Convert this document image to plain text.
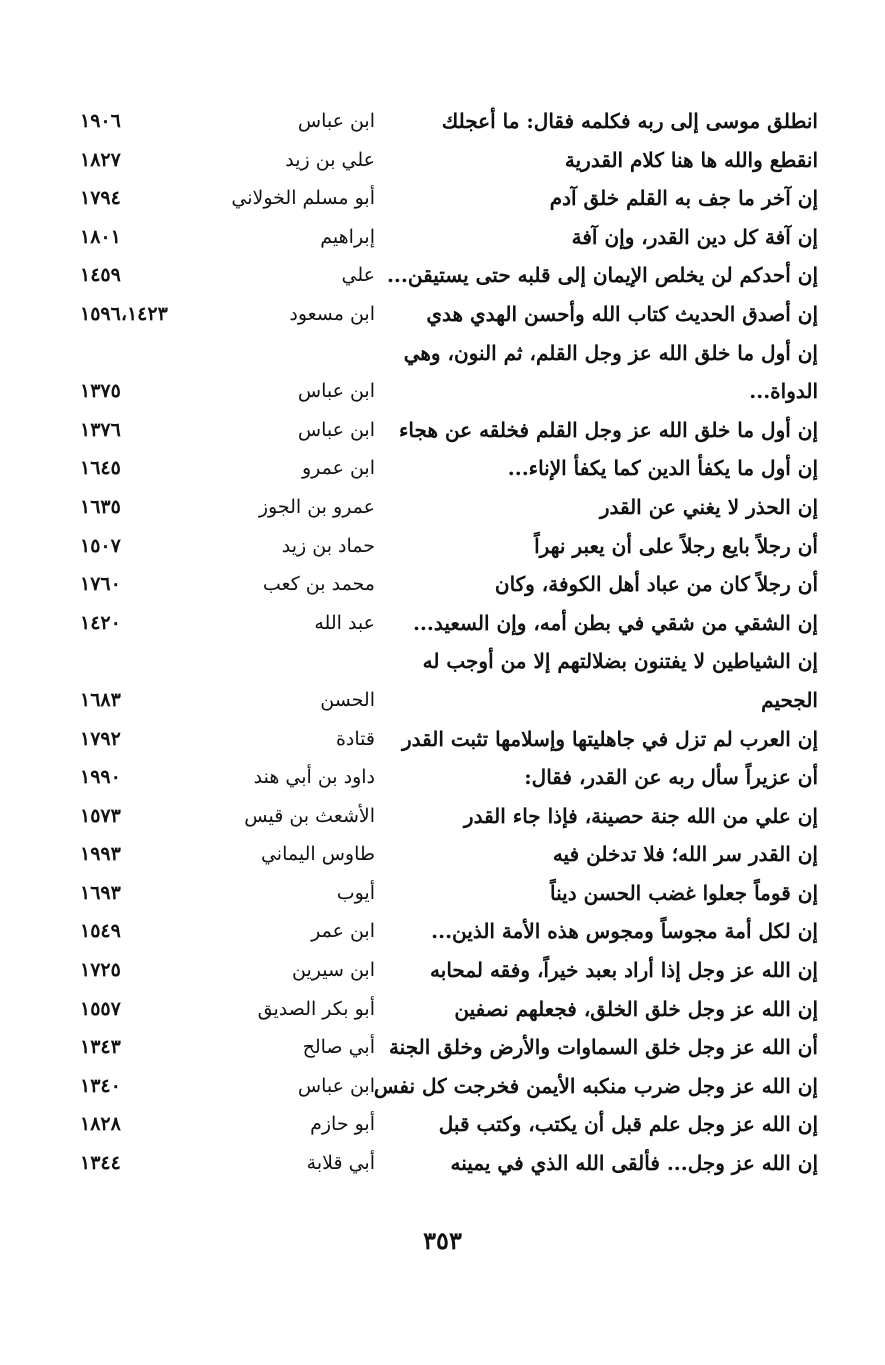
انطلق موسى إلى ربه فكلمه فقال: ما أعجلك
ابن عباس
١٩٠٦
انقطع والله ها هنا كلام القدرية
علي بن زيد
١٨٢٧
إن آخر ما جف به القلم خلق آدم
أبو مسلم الخولاني
١٧٩٤
إن آفة كل دين القدر، وإن آفة
إبراهيم
١٨٠١
إن أحدكم لن يخلص الإيمان إلى قلبه حتى يستيقن...
علي
١٤٥٩
إن أصدق الحديث كتاب الله وأحسن الهدي هدي
ابن مسعود
١٥٩٦،١٤٢٣
إن أول ما خلق الله عز وجل القلم، ثم النون، وهي
الدواة...
ابن عباس
١٣٧٥
إن أول ما خلق الله عز وجل القلم فخلقه عن هجاء
ابن عباس
١٣٧٦
إن أول ما يكفأ الدين كما يكفأ الإناء...
ابن عمرو
١٦٤٥
إن الحذر لا يغني عن القدر
عمرو بن الجوز
١٦٣٥
أن رجلاً بايع رجلاً على أن يعبر نهراً
حماد بن زيد
١٥٠٧
أن رجلاً كان من عباد أهل الكوفة، وكان
محمد بن كعب
١٧٦٠
إن الشقي من شقي في بطن أمه، وإن السعيد...
عبد الله
١٤٢٠
إن الشياطين لا يفتنون بضلالتهم إلا من أوجب له
الجحيم
الحسن
١٦٨٣
إن العرب لم تزل في جاهليتها وإسلامها تثبت القدر
قتادة
١٧٩٢
أن عزيراً سأل ربه عن القدر، فقال:
داود بن أبي هند
١٩٩٠
إن علي من الله جنة حصينة، فإذا جاء القدر
الأشعث بن قيس
١٥٧٣
إن القدر سر الله؛ فلا تدخلن فيه
طاوس اليماني
١٩٩٣
إن قوماً جعلوا غضب الحسن ديناً
أيوب
١٦٩٣
إن لكل أمة مجوساً ومجوس هذه الأمة الذين...
ابن عمر
١٥٤٩
إن الله عز وجل إذا أراد بعبد خيراً، وفقه لمحابه
ابن سيرين
١٧٢٥
إن الله عز وجل خلق الخلق، فجعلهم نصفين
أبو بكر الصديق
١٥٥٧
أن الله عز وجل خلق السماوات والأرض وخلق الجنة
أبي صالح
١٣٤٣
إن الله عز وجل ضرب منكبه الأيمن فخرجت كل نفس
ابن عباس
١٣٤٠
إن الله عز وجل علم قبل أن يكتب، وكتب قبل
أبو حازم
١٨٢٨
إن الله عز وجل... فألقى الله الذي في يمينه
أبي قلابة
١٣٤٤
٣٥٣
